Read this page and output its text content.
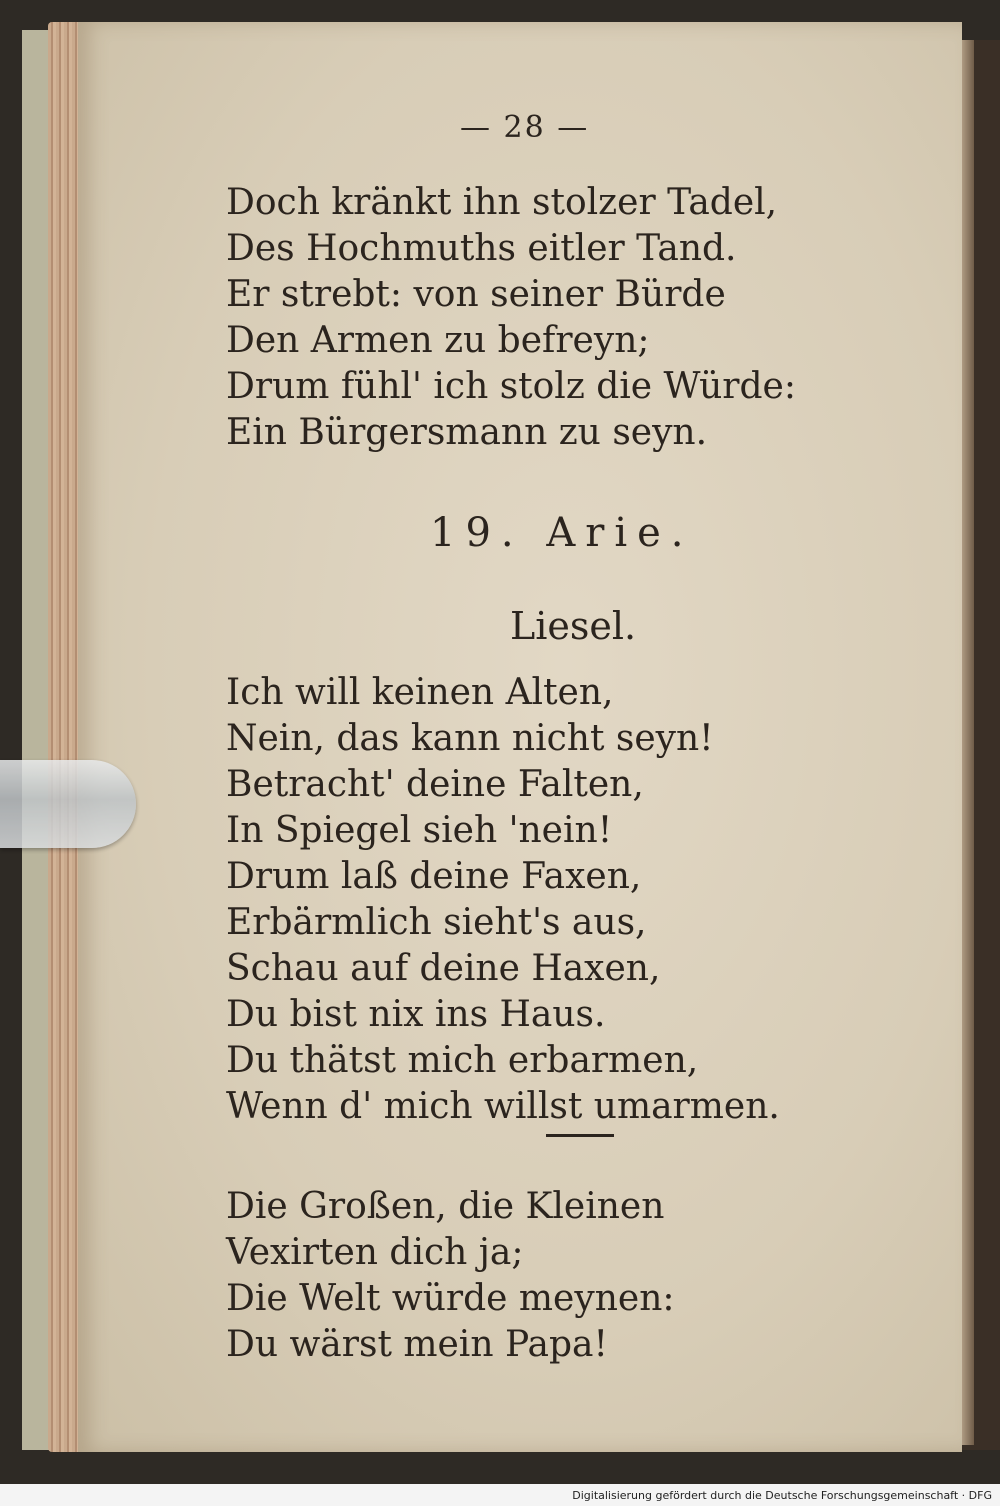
— 28 —
Doch kränkt ihn stolzer Tadel,
Des Hochmuths eitler Tand.
Er strebt: von seiner Bürde
Den Armen zu befreyn;
Drum fühl' ich stolz die Würde:
Ein Bürgersmann zu seyn.
19. Arie.
Liesel.
Ich will keinen Alten,
Nein, das kann nicht seyn!
Betracht' deine Falten,
In Spiegel sieh 'nein!
Drum laß deine Faxen,
Erbärmlich sieht's aus,
Schau auf deine Haxen,
Du bist nix ins Haus.
Du thätst mich erbarmen,
Wenn d' mich willst umarmen.
Die Großen, die Kleinen
Vexirten dich ja;
Die Welt würde meynen:
Du wärst mein Papa!
Digitalisierung gefördert durch die Deutsche Forschungsgemeinschaft · DFG
